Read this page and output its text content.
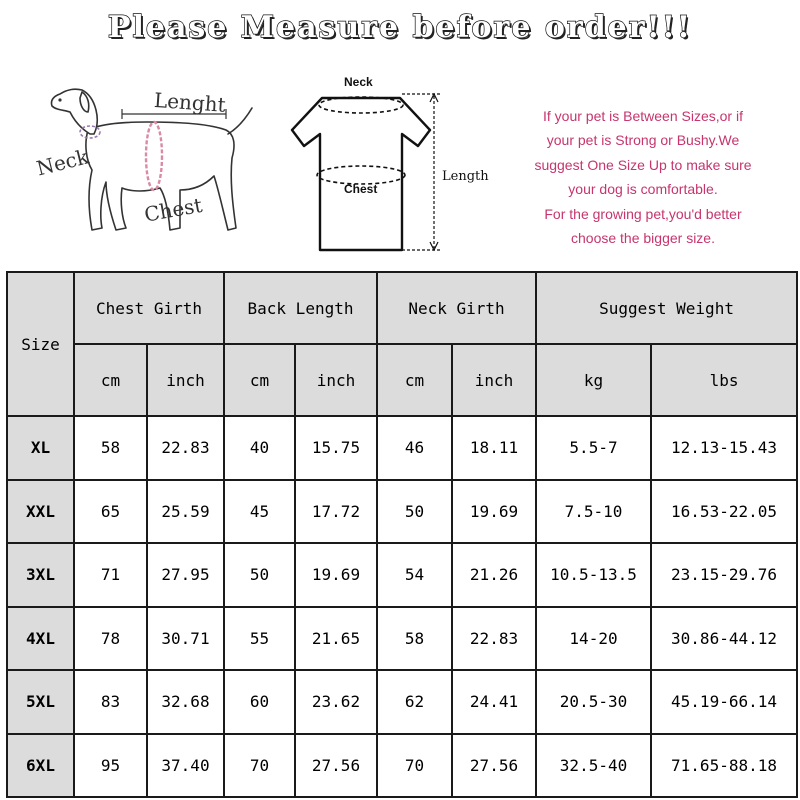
Please Measure before order!!!
Lenght
Neck
Chest
Neck
Chest
Length
If your pet is Between Sizes,or if
your pet is Strong or Bushy.We
suggest One Size Up to make sure
your dog is comfortable.
For the growing pet,you'd better
choose the bigger size.
Size	Chest Girth		Back Length		Neck Girth		Suggest Weight	
	cm	inch	cm	inch	cm	inch	kg	lbs
XL	58	22.83	40	15.75	46	18.11	5.5-7	12.13-15.43
XXL	65	25.59	45	17.72	50	19.69	7.5-10	16.53-22.05
3XL	71	27.95	50	19.69	54	21.26	10.5-13.5	23.15-29.76
4XL	78	30.71	55	21.65	58	22.83	14-20	30.86-44.12
5XL	83	32.68	60	23.62	62	24.41	20.5-30	45.19-66.14
6XL	95	37.40	70	27.56	70	27.56	32.5-40	71.65-88.18
